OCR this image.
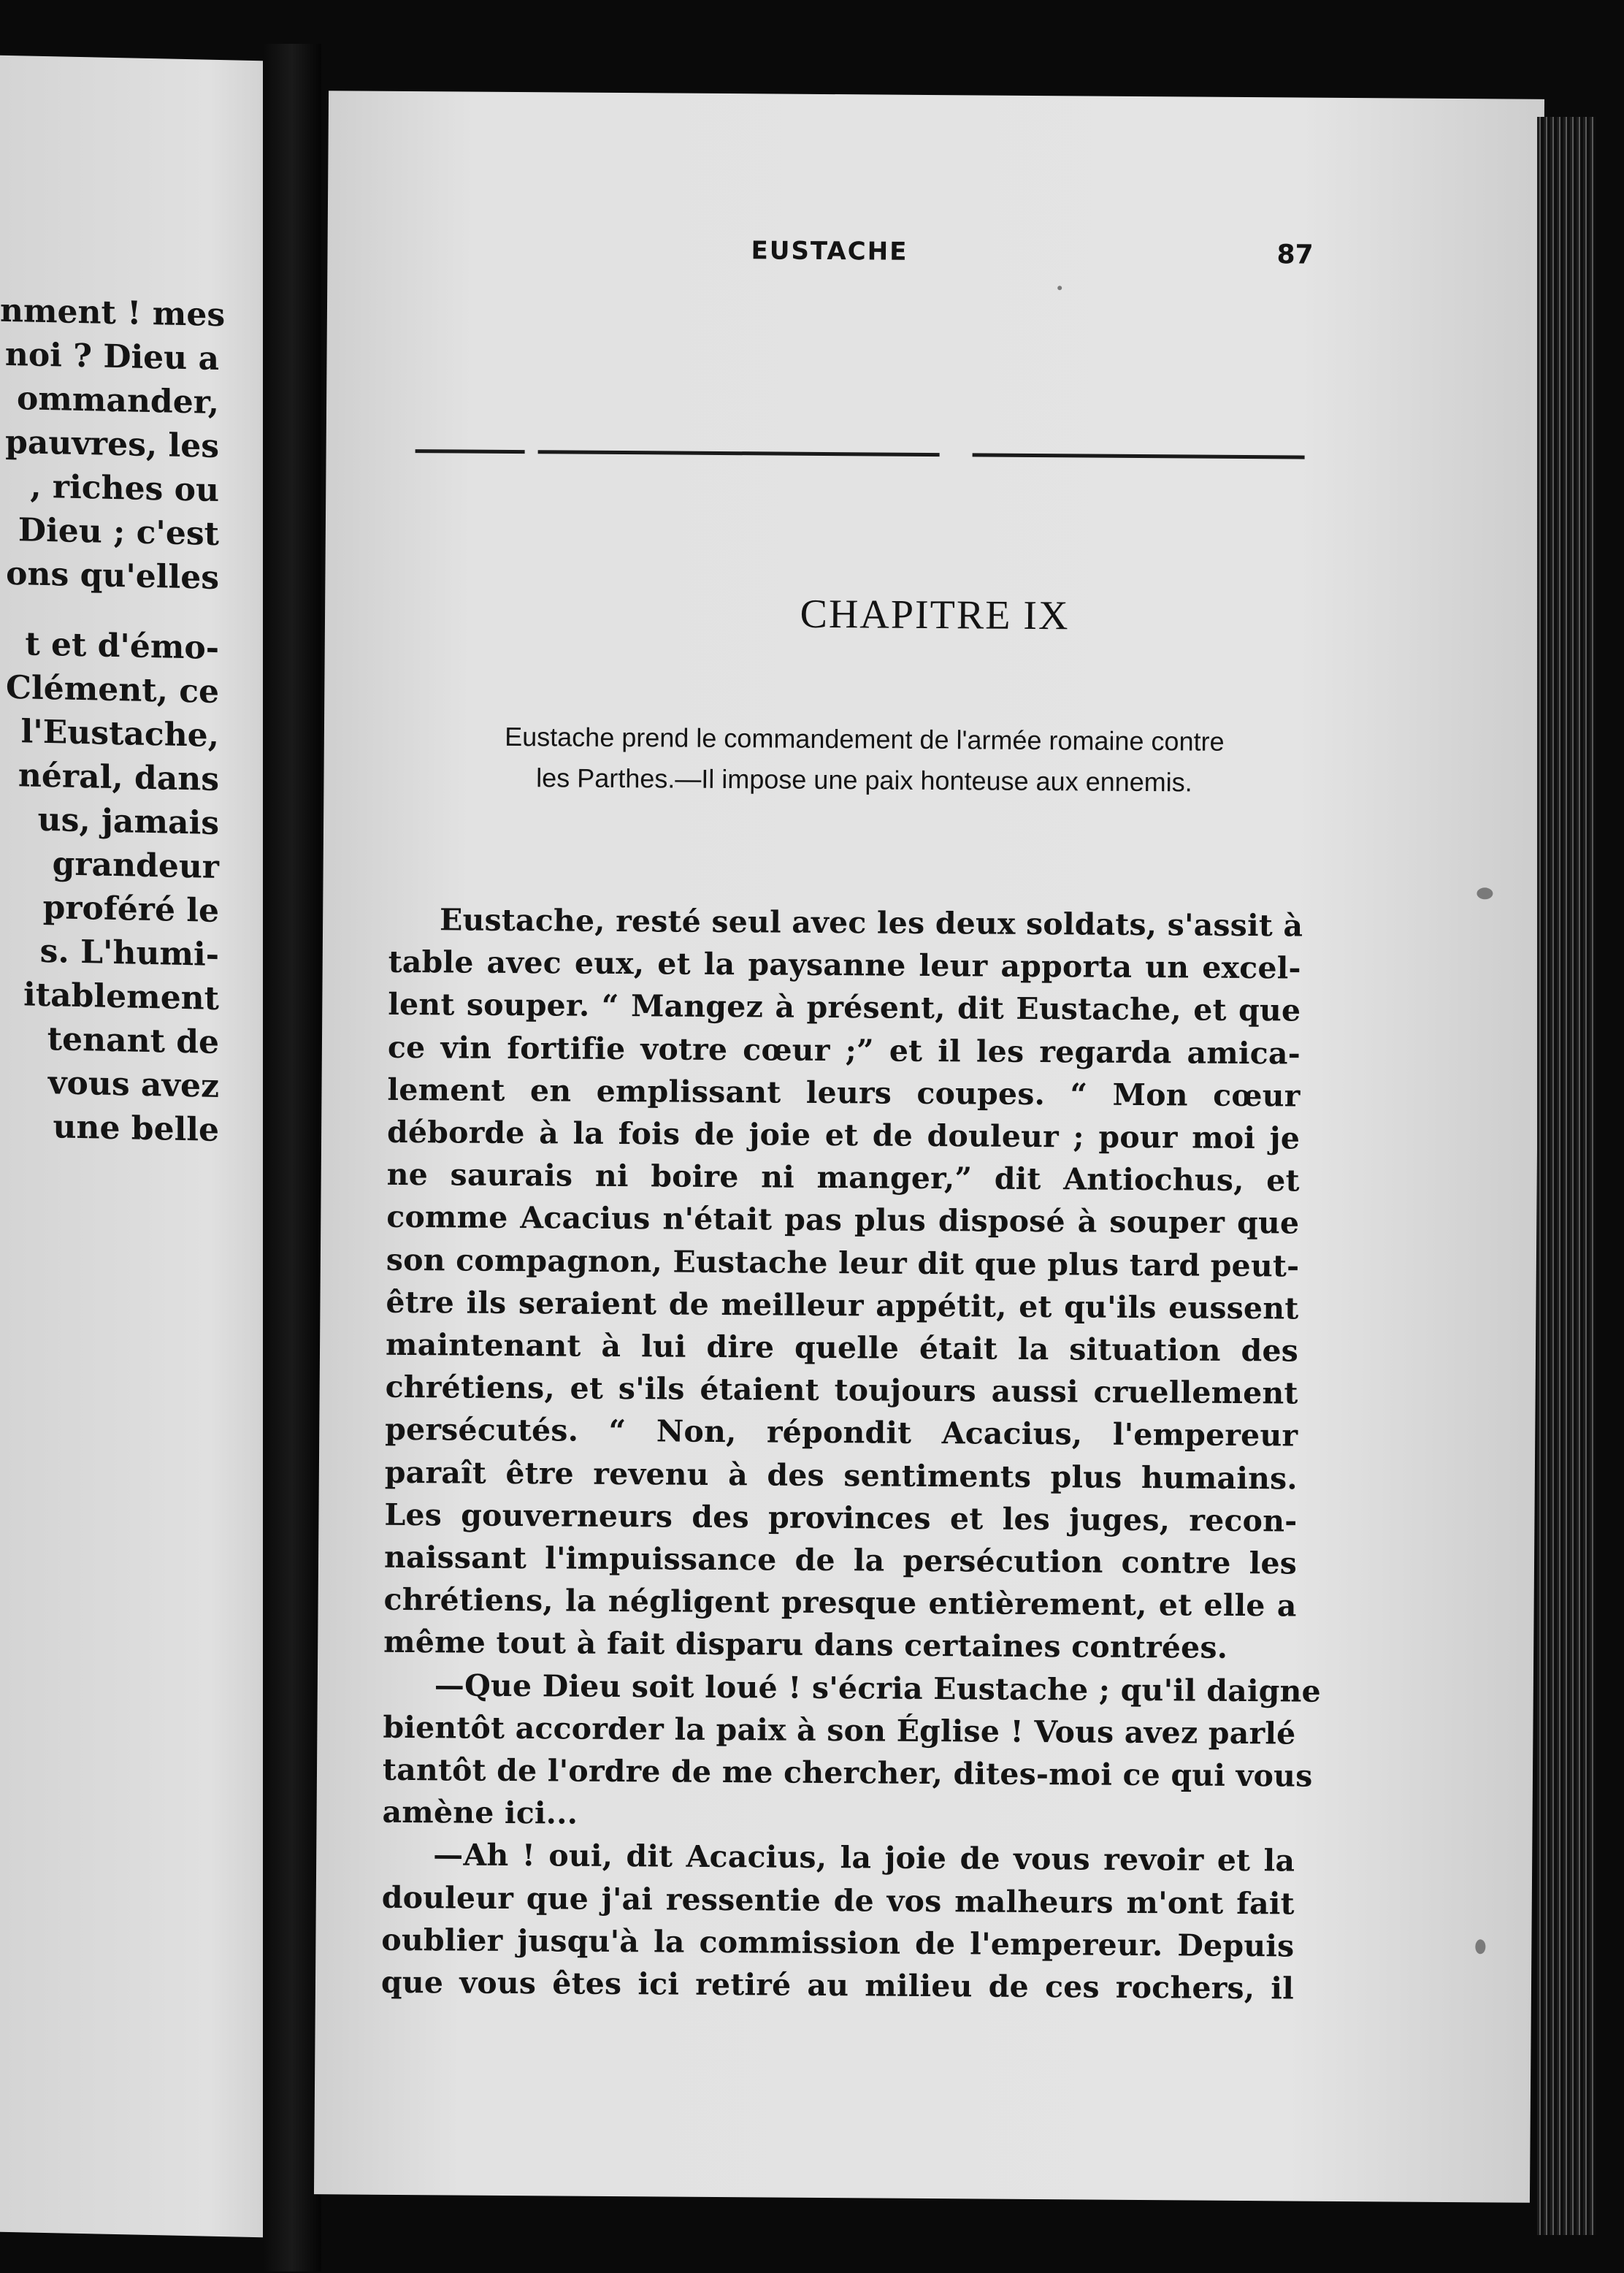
nment ! mes
noi ? Dieu a
ommander,
pauvres, les
, riches ou
Dieu ; c'est
ons qu'elles
t et d'émo-
Clément, ce
l'Eustache,
néral, dans
us, jamais
grandeur
proféré le
s. L'humi-
itablement
tenant de
vous avez
une belle
EUSTACHE	87
CHAPITRE IX
Eustache prend le commandement de l'armée romaine contre
les Parthes.—Il impose une paix honteuse aux ennemis.
Eustache, resté seul avec les deux soldats, s'assit à
table avec eux, et la paysanne leur apporta un excel-
lent souper. “ Mangez à présent, dit Eustache, et que
ce vin fortifie votre cœur ;” et il les regarda amica-
lement en emplissant leurs coupes. “ Mon cœur
déborde à la fois de joie et de douleur ; pour moi je
ne saurais ni boire ni manger,” dit Antiochus, et
comme Acacius n'était pas plus disposé à souper que
son compagnon, Eustache leur dit que plus tard peut-
être ils seraient de meilleur appétit, et qu'ils eussent
maintenant à lui dire quelle était la situation des
chrétiens, et s'ils étaient toujours aussi cruellement
persécutés. “ Non, répondit Acacius, l'empereur
paraît être revenu à des sentiments plus humains.
Les gouverneurs des provinces et les juges, recon-
naissant l'impuissance de la persécution contre les
chrétiens, la négligent presque entièrement, et elle a
même tout à fait disparu dans certaines contrées.
—Que Dieu soit loué ! s'écria Eustache ; qu'il daigne
bientôt accorder la paix à son Église ! Vous avez parlé
tantôt de l'ordre de me chercher, dites-moi ce qui vous
amène ici...
—Ah ! oui, dit Acacius, la joie de vous revoir et la
douleur que j'ai ressentie de vos malheurs m'ont fait
oublier jusqu'à la commission de l'empereur. Depuis
que vous êtes ici retiré au milieu de ces rochers, il
